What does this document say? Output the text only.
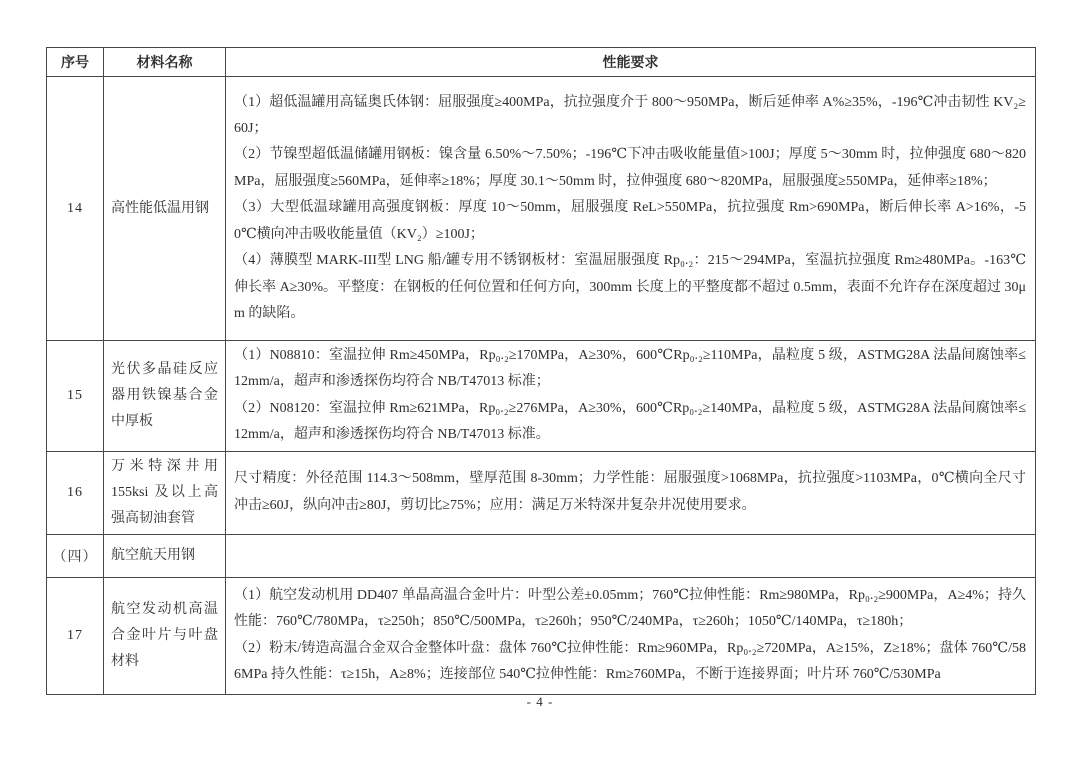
序号	材料名称	性能要求
14	高性能低温用钢	（1）超低温罐用高锰奥氏体钢：屈服强度≥400MPa，抗拉强度介于 800～950MPa，断后延伸率 A%≥35%，-196℃冲击韧性 KV₂≥60J；

（2）节镍型超低温储罐用钢板：镍含量 6.50%～7.50%；-196℃下冲击吸收能量值>100J；厚度 5～30mm 时，拉伸强度 680～820MPa，屈服强度≥560MPa，延伸率≥18%；厚度 30.1～50mm 时，拉伸强度 680～820MPa，屈服强度≥550MPa，延伸率≥18%；

（3）大型低温球罐用高强度钢板：厚度 10～50mm，屈服强度 ReL>550MPa，抗拉强度 Rm>690MPa，断后伸长率 A>16%，-50℃横向冲击吸收能量值（KV₂）≥100J；

（4）薄膜型 MARK-III型 LNG 船/罐专用不锈钢板材：室温屈服强度 Rp₀.₂：215～294MPa，室温抗拉强度 Rm≥480MPa。-163℃伸长率 A≥30%。平整度：在钢板的任何位置和任何方向，300mm 长度上的平整度都不超过 0.5mm，表面不允许存在深度超过 30μm 的缺陷。

15	光伏多晶硅反应器用铁镍基合金中厚板	（1）N08810：室温拉伸 Rm≥450MPa，Rp₀.₂≥170MPa，A≥30%，600℃Rp₀.₂≥110MPa，晶粒度 5 级，ASTMG28A 法晶间腐蚀率≤12mm/a，超声和渗透探伤均符合 NB/T47013 标准；

（2）N08120：室温拉伸 Rm≥621MPa，Rp₀.₂≥276MPa，A≥30%，600℃Rp₀.₂≥140MPa，晶粒度 5 级，ASTMG28A 法晶间腐蚀率≤12mm/a，超声和渗透探伤均符合 NB/T47013 标准。

16	万米特深井用 155ksi 及以上高强高韧油套管	尺寸精度：外径范围 114.3～508mm，壁厚范围 8-30mm；力学性能：屈服强度>1068MPa，抗拉强度>1103MPa，0℃横向全尺寸冲击≥60J，纵向冲击≥80J，剪切比≥75%；应用：满足万米特深井复杂井况使用要求。

（四）	航空航天用钢	
17	航空发动机高温合金叶片与叶盘材料	（1）航空发动机用 DD407 单晶高温合金叶片：叶型公差±0.05mm；760℃拉伸性能：Rm≥980MPa，Rp₀.₂≥900MPa，A≥4%；持久性能：760℃/780MPa，τ≥250h；850℃/500MPa，τ≥260h；950℃/240MPa，τ≥260h；1050℃/140MPa，τ≥180h；

（2）粉末/铸造高温合金双合金整体叶盘：盘体 760℃拉伸性能：Rm≥960MPa，Rp₀.₂≥720MPa，A≥15%，Z≥18%；盘体 760℃/586MPa 持久性能：τ≥15h，A≥8%；连接部位 540℃拉伸性能：Rm≥760MPa，不断于连接界面；叶片环 760℃/530MPa

- 4 -
